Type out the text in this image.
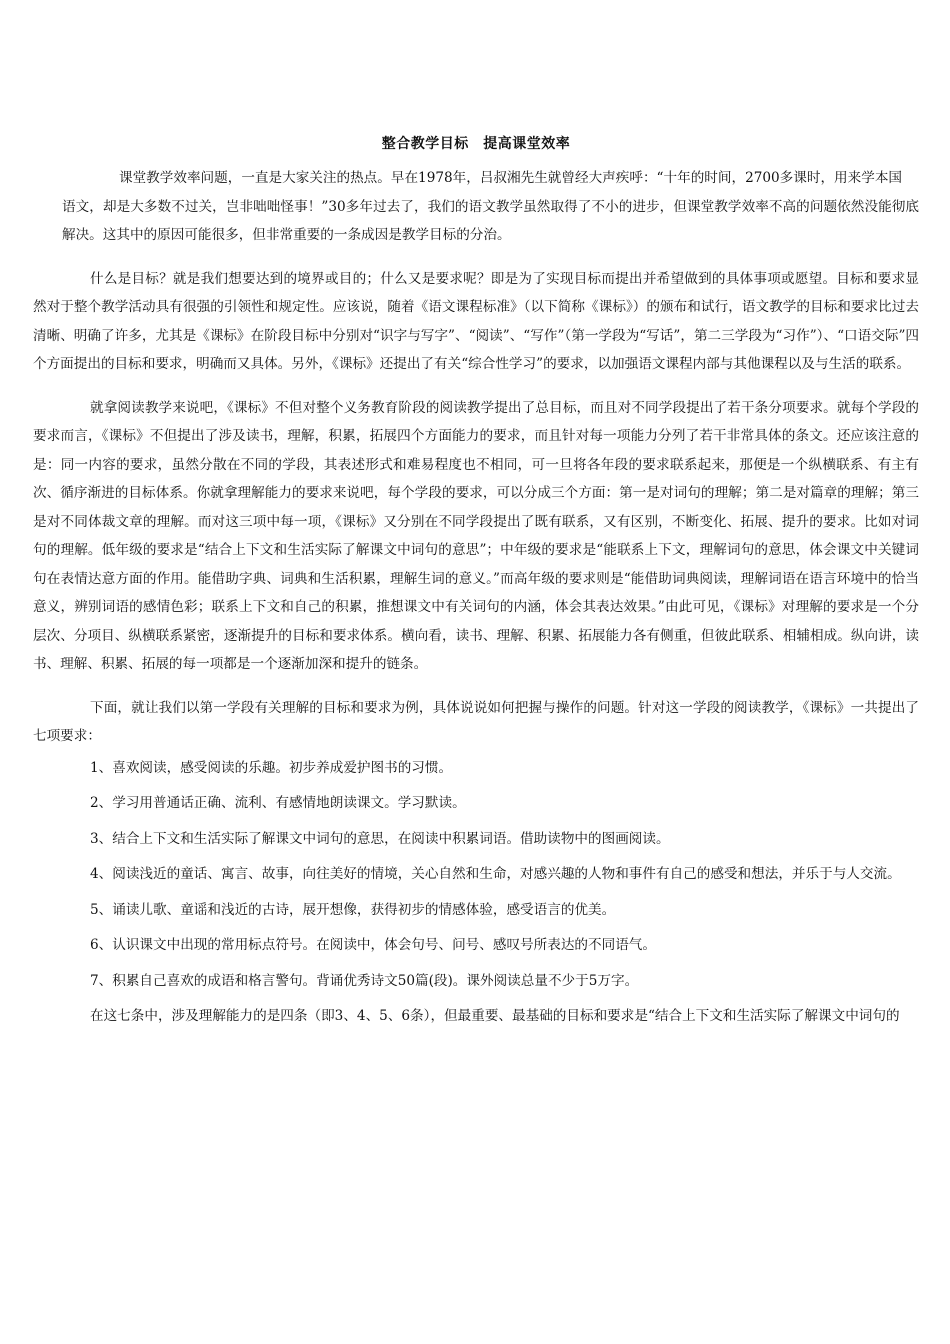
整合教学目标　提高课堂效率

课堂教学效率问题，一直是大家关注的热点。早在1978年，吕叔湘先生就曾经大声疾呼：“十年的时间，2700多课时，用来学本国
语文，却是大多数不过关，岂非咄咄怪事！”30多年过去了，我们的语文教学虽然取得了不小的进步，但课堂教学效率不高的问题依然没能彻底解决。这其中的原因可能很多，但非常重要的一条成因是教学目标的分治。

什么是目标？就是我们想要达到的境界或目的；什么又是要求呢？即是为了实现目标而提出并希望做到的具体事项或愿望。目标和要求显然对于整个教学活动具有很强的引领性和规定性。应该说，随着《语文课程标准》（以下简称《课标》）的颁布和试行，语文教学的目标和要求比过去清晰、明确了许多，尤其是《课标》在阶段目标中分别对“识字与写字”、“阅读”、“写作”（第一学段为“写话”，第二三学段为“习作”）、“口语交际”四个方面提出的目标和要求，明确而又具体。另外，《课标》还提出了有关“综合性学习”的要求，以加强语文课程内部与其他课程以及与生活的联系。

就拿阅读教学来说吧，《课标》不但对整个义务教育阶段的阅读教学提出了总目标，而且对不同学段提出了若干条分项要求。就每个学段的要求而言，《课标》不但提出了涉及读书，理解，积累，拓展四个方面能力的要求，而且针对每一项能力分列了若干非常具体的条文。还应该注意的是：同一内容的要求，虽然分散在不同的学段，其表述形式和难易程度也不相同，可一旦将各年段的要求联系起来，那便是一个纵横联系、有主有次、循序渐进的目标体系。你就拿理解能力的要求来说吧，每个学段的要求，可以分成三个方面：第一是对词句的理解；第二是对篇章的理解；第三是对不同体裁文章的理解。而对这三项中每一项，《课标》又分别在不同学段提出了既有联系，又有区别，不断变化、拓展、提升的要求。比如对词句的理解。低年级的要求是“结合上下文和生活实际了解课文中词句的意思”；中年级的要求是“能联系上下文，理解词句的意思，体会课文中关键词句在表情达意方面的作用。能借助字典、词典和生活积累，理解生词的意义。”而高年级的要求则是“能借助词典阅读，理解词语在语言环境中的恰当意义，辨别词语的感情色彩；联系上下文和自己的积累，推想课文中有关词句的内涵，体会其表达效果。”由此可见，《课标》对理解的要求是一个分层次、分项目、纵横联系紧密，逐渐提升的目标和要求体系。横向看，读书、理解、积累、拓展能力各有侧重，但彼此联系、相辅相成。纵向讲，读书、理解、积累、拓展的每一项都是一个逐渐加深和提升的链条。

下面，就让我们以第一学段有关理解的目标和要求为例，具体说说如何把握与操作的问题。针对这一学段的阅读教学，《课标》一共提出了七项要求：

1、喜欢阅读，感受阅读的乐趣。初步养成爱护图书的习惯。

2、学习用普通话正确、流利、有感情地朗读课文。学习默读。

3、结合上下文和生活实际了解课文中词句的意思，在阅读中积累词语。借助读物中的图画阅读。

4、阅读浅近的童话、寓言、故事，向往美好的情境，关心自然和生命，对感兴趣的人物和事件有自己的感受和想法，并乐于与人交流。

5、诵读儿歌、童谣和浅近的古诗，展开想像，获得初步的情感体验，感受语言的优美。

6、认识课文中出现的常用标点符号。在阅读中，体会句号、问号、感叹号所表达的不同语气。

7、积累自己喜欢的成语和格言警句。背诵优秀诗文50篇(段)。课外阅读总量不少于5万字。

在这七条中，涉及理解能力的是四条（即3、4、5、6条），但最重要、最基础的目标和要求是“结合上下文和生活实际了解课文中词句的
